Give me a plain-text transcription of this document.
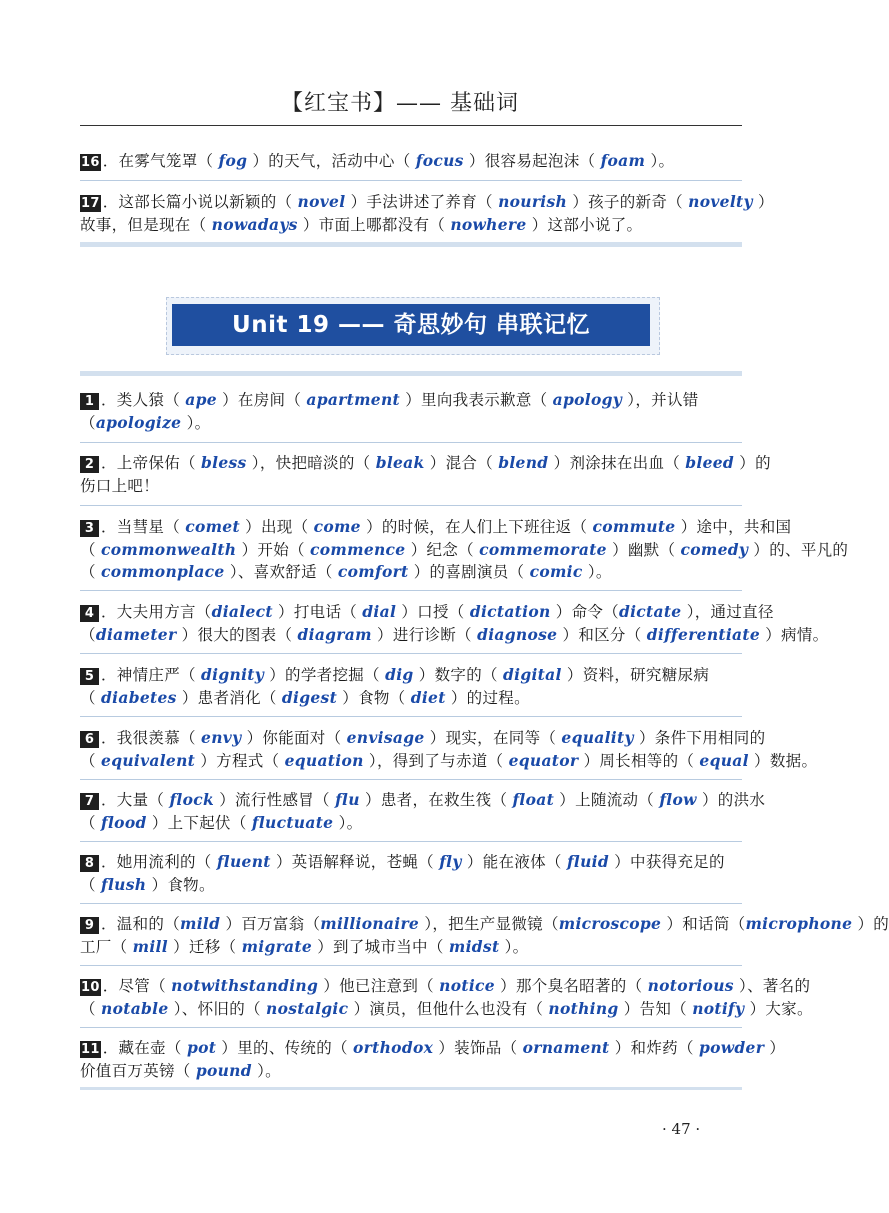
【红宝书】—— 基础词
16 ．在雾气笼罩（ fog ）的天气，活动中心（ focus ）很容易起泡沫（ foam ）。
17 ．这部长篇小说以新颖的（ novel ）手法讲述了养育（ nourish ）孩子的新奇（ novelty ）
故事，但是现在（ nowadays ）市面上哪都没有（ nowhere ）这部小说了。
Unit 19 —— 奇思妙句 串联记忆
1 ．类人猿（ ape ）在房间（ apartment ）里向我表示歉意（ apology ），并认错
（apologize ）。
2 ．上帝保佑（ bless ），快把暗淡的（ bleak ）混合（ blend ）剂涂抹在出血（ bleed ）的
伤口上吧！
3 ．当彗星（ comet ）出现（ come ）的时候，在人们上下班往返（ commute ）途中，共和国
（ commonwealth ）开始（ commence ）纪念（ commemorate ）幽默（ comedy ）的、平凡的
（ commonplace ）、喜欢舒适（ comfort ）的喜剧演员（ comic ）。
4 ．大夫用方言（dialect ）打电话（ dial ）口授（ dictation ）命令（dictate ），通过直径
（diameter ）很大的图表（ diagram ）进行诊断（ diagnose ）和区分（ differentiate ）病情。
5 ．神情庄严（ dignity ）的学者挖掘（ dig ）数字的（ digital ）资料，研究糖尿病
（ diabetes ）患者消化（ digest ）食物（ diet ）的过程。
6 ．我很羡慕（ envy ）你能面对（ envisage ）现实，在同等（ equality ）条件下用相同的
（ equivalent ）方程式（ equation ），得到了与赤道（ equator ）周长相等的（ equal ）数据。
7 ．大量（ flock ）流行性感冒（ flu ）患者，在救生筏（ float ）上随流动（ flow ）的洪水
（ flood ）上下起伏（ fluctuate ）。
8 ．她用流利的（ fluent ）英语解释说，苍蝇（ fly ）能在液体（ fluid ）中获得充足的
（ flush ）食物。
9 ．温和的（mild ）百万富翁（millionaire ），把生产显微镜（microscope ）和话筒（microphone ）的
工厂（ mill ）迁移（ migrate ）到了城市当中（ midst ）。
10 ．尽管（ notwithstanding ）他已注意到（ notice ）那个臭名昭著的（ notorious ）、著名的
（ notable ）、怀旧的（ nostalgic ）演员，但他什么也没有（ nothing ）告知（ notify ）大家。
11 ．藏在壶（ pot ）里的、传统的（ orthodox ）装饰品（ ornament ）和炸药（ powder ）
价值百万英镑（ pound ）。
· 47 ·
